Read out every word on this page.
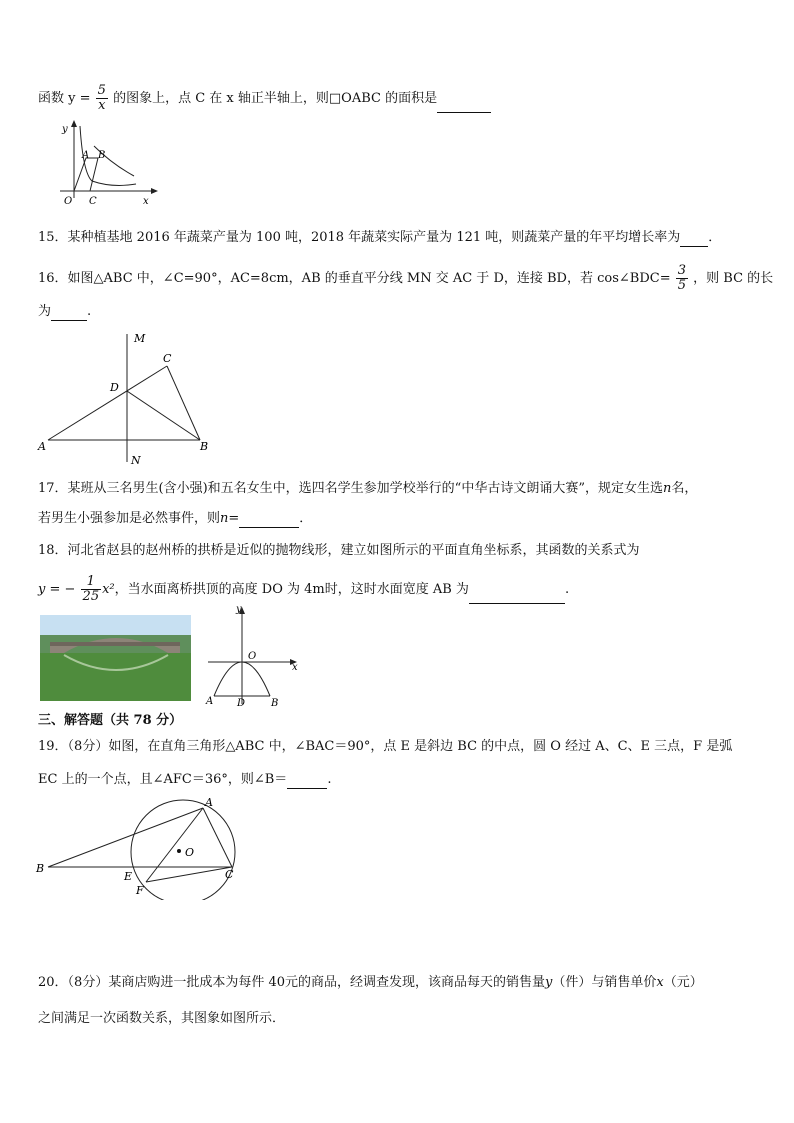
函数 $y = \frac{5}{x}$ 的图象上，点 C 在 x 轴正半轴上，则□OABC 的面积是
y
x
O
A B
C
15．某种植基地 2016 年蔬菜产量为 100 吨，2018 年蔬菜实际产量为 121 吨，则蔬菜产量的年平均增长率为 ．
16．如图△ABC 中，∠C=90°，AC=8cm，AB 的垂直平分线 MN 交 AC 于 D，连接 BD，若 cos∠BDC= $\frac{3}{5}$ ，则 BC 的长
为	.
M
C
D
A	B
N
17．某班从三名男生(含小强)和五名女生中，选四名学生参加学校举行的“中华古诗文朗诵大赛”，规定女生选n名，
若男生小强参加是必然事件，则n=	．
18．河北省赵县的赵州桥的拱桥是近似的抛物线形，建立如图所示的平面直角坐标系，其函数的关系式为
y = − $\frac{1}{25} x^2$，当水面离桥拱顶的高度 DO 为 4m时，这时水面宽度 AB 为	.
y
O
x
A D	B
三、解答题（共 78 分）
19．（8分）如图，在直角三角形△ABC 中，∠BAC＝90°，点 E 是斜边 BC 的中点，圆 O 经过 A、C、E 三点，F 是弧
EC 上的一个点，且∠AFC＝36°，则∠B＝	.
A
O
B
E
F
C
20．（8分）某商店购进一批成本为每件 40元的商品，经调查发现，该商品每天的销售量y（件）与销售单价x（元）
之间满足一次函数关系，其图象如图所示．
